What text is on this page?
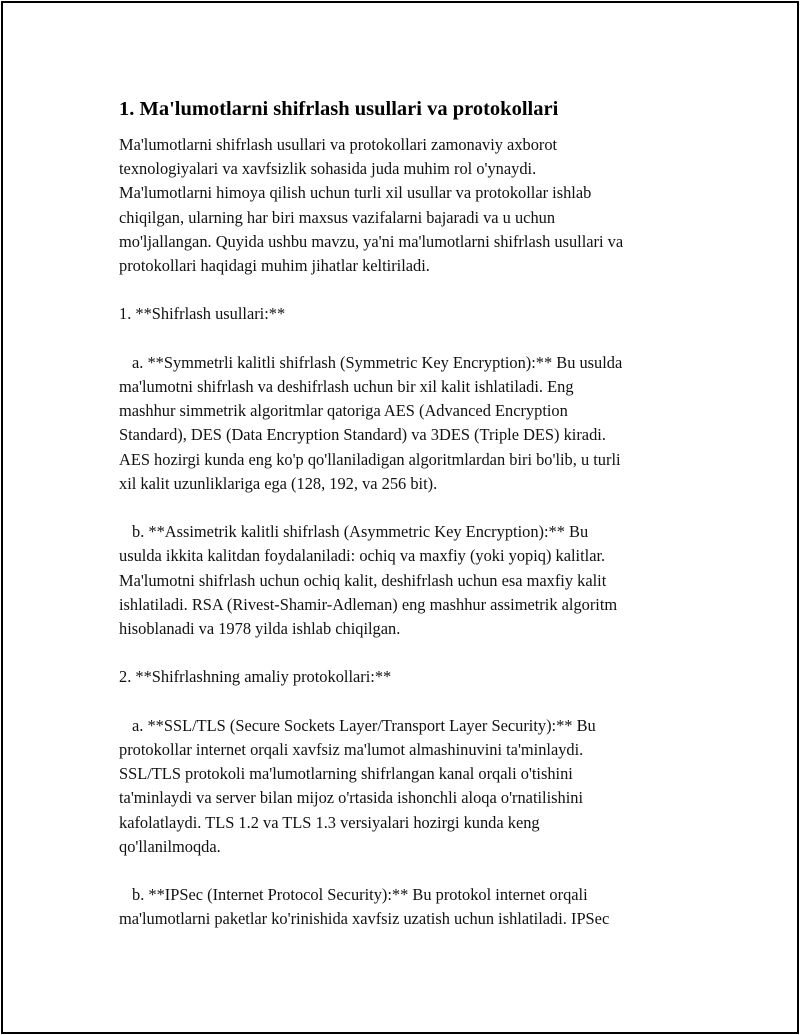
1. Ma'lumotlarni shifrlash usullari va protokollari

Ma'lumotlarni shifrlash usullari va protokollari zamonaviy axborot
texnologiyalari va xavfsizlik sohasida juda muhim rol o'ynaydi.
Ma'lumotlarni himoya qilish uchun turli xil usullar va protokollar ishlab
chiqilgan, ularning har biri maxsus vazifalarni bajaradi va u uchun
mo'ljallangan. Quyida ushbu mavzu, ya'ni ma'lumotlarni shifrlash usullari va
protokollari haqidagi muhim jihatlar keltiriladi.

1. **Shifrlash usullari:**

a. **Symmetrli kalitli shifrlash (Symmetric Key Encryption):** Bu usulda
ma'lumotni shifrlash va deshifrlash uchun bir xil kalit ishlatiladi. Eng
mashhur simmetrik algoritmlar qatoriga AES (Advanced Encryption
Standard), DES (Data Encryption Standard) va 3DES (Triple DES) kiradi.
AES hozirgi kunda eng ko'p qo'llaniladigan algoritmlardan biri bo'lib, u turli
xil kalit uzunliklariga ega (128, 192, va 256 bit).

b. **Assimetrik kalitli shifrlash (Asymmetric Key Encryption):** Bu
usulda ikkita kalitdan foydalaniladi: ochiq va maxfiy (yoki yopiq) kalitlar.
Ma'lumotni shifrlash uchun ochiq kalit, deshifrlash uchun esa maxfiy kalit
ishlatiladi. RSA (Rivest-Shamir-Adleman) eng mashhur assimetrik algoritm
hisoblanadi va 1978 yilda ishlab chiqilgan.

2. **Shifrlashning amaliy protokollari:**

a. **SSL/TLS (Secure Sockets Layer/Transport Layer Security):** Bu
protokollar internet orqali xavfsiz ma'lumot almashinuvini ta'minlaydi.
SSL/TLS protokoli ma'lumotlarning shifrlangan kanal orqali o'tishini
ta'minlaydi va server bilan mijoz o'rtasida ishonchli aloqa o'rnatilishini
kafolatlaydi. TLS 1.2 va TLS 1.3 versiyalari hozirgi kunda keng
qo'llanilmoqda.

b. **IPSec (Internet Protocol Security):** Bu protokol internet orqali
ma'lumotlarni paketlar ko'rinishida xavfsiz uzatish uchun ishlatiladi. IPSec
